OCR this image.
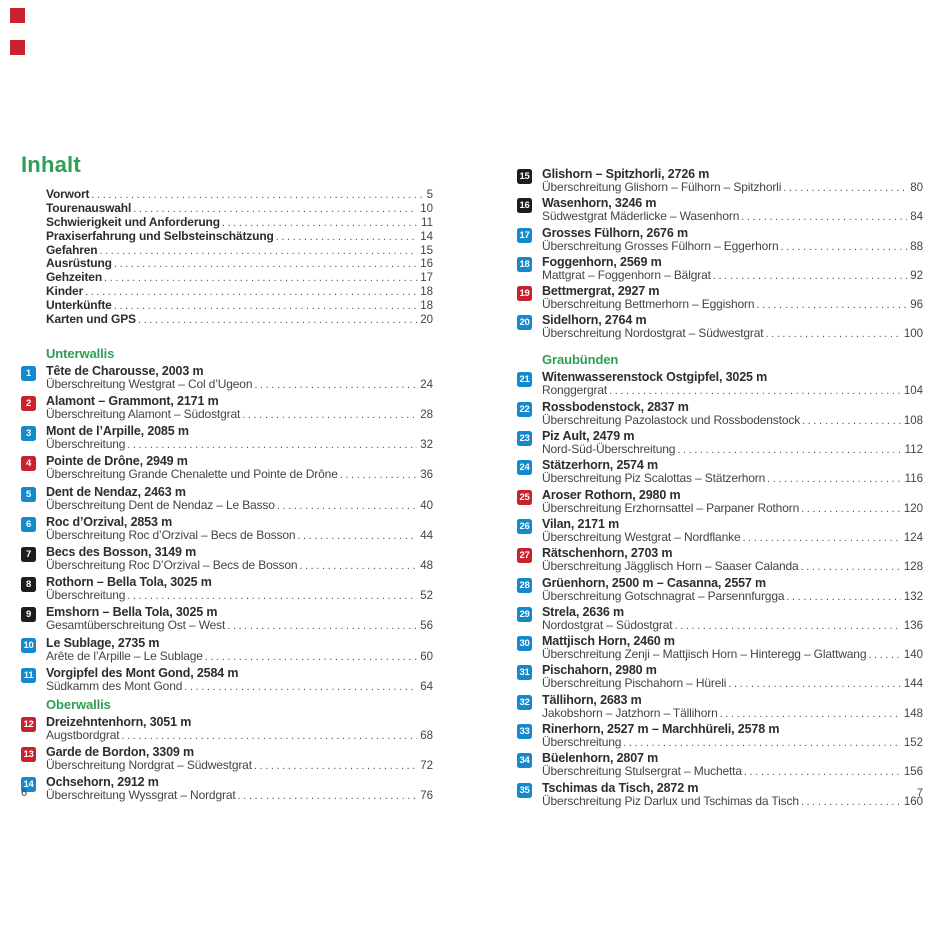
Inhalt
Vorwort .....	5
Tourenauswahl .....	10
Schwierigkeit und Anforderung .....	11
Praxiserfahrung und Selbsteinschätzung .....	14
Gefahren .....	15
Ausrüstung .....	16
Gehzeiten .....	17
Kinder .....	18
Unterkünfte .....	18
Karten und GPS .....	20
Unterwallis
1	Tête de Charousse, 2003 m
Überschreitung Westgrat – Col d’Ugeon .....	24
2	Alamont – Grammont, 2171 m
Überschreitung Alamont – Südostgrat .....	28
3	Mont de l’Arpille, 2085 m
Überschreitung .....	32
4	Pointe de Drône, 2949 m
Überschreitung Grande Chenalette und Pointe de Drône .....	36
5	Dent de Nendaz, 2463 m
Überschreitung Dent de Nendaz – Le Basso .....	40
6	Roc d’Orzival, 2853 m
Überschreitung Roc d’Orzival – Becs de Bosson .....	44
7	Becs des Bosson, 3149 m
Überschreitung Roc D’Orzival – Becs de Bosson .....	48
8	Rothorn – Bella Tola, 3025 m
Überschreitung .....	52
9	Emshorn – Bella Tola, 3025 m
Gesamtüberschreitung Ost – West .....	56
10 Le Sublage, 2735 m
Arête de l’Arpille – Le Sublage .....	60
11 Vorgipfel des Mont Gond, 2584 m
Südkamm des Mont Gond .....	64
Oberwallis
12 Dreizehntenhorn, 3051 m
Augstbordgrat .....	68
13 Garde de Bordon, 3309 m
Überschreitung Nordgrat – Südwestgrat .....	72
14 Ochsehorn, 2912 m
Überschreitung Wyssgrat – Nordgrat .....	76
15 Glishorn – Spitzhorli, 2726 m
Überschreitung Glishorn – Fülhorn – Spitzhorli .....	80
16 Wasenhorn, 3246 m
Südwestgrat Mäderlicke – Wasenhorn .....	84
17 Grosses Fülhorn, 2676 m
Überschreitung Grosses Fülhorn – Eggerhorn .....	88
18 Foggenhorn, 2569 m
Mattgrat – Foggenhorn – Bälgrat .....	92
19 Bettmergrat, 2927 m
Überschreitung Bettmerhorn – Eggishorn .....	96
20 Sidelhorn, 2764 m
Überschreitung Nordostgrat – Südwestgrat .....	100
Graubünden
21 Witenwasserenstock Ostgipfel, 3025 m
Ronggergrat .....	104
22 Rossbodenstock, 2837 m
Überschreitung Pazolastock und Rossbodenstock .....	108
23 Piz Ault, 2479 m
Nord-Süd-Überschreitung .....	112
24 Stätzerhorn, 2574 m
Überschreitung Piz Scalottas – Stätzerhorn .....	116
25 Aroser Rothorn, 2980 m
Überschreitung Erzhornsattel – Parpaner Rothorn .....	120
26 Vilan, 2171 m
Überschreitung Westgrat – Nordflanke .....	124
27 Rätschenhorn, 2703 m
Überschreitung Jägglisch Horn – Saaser Calanda .....	128
28 Grüenhorn, 2500 m – Casanna, 2557 m
Überschreitung Gotschnagrat – Parsennfurgga .....	132
29 Strela, 2636 m
Nordostgrat – Südostgrat .....	136
30 Mattjisch Horn, 2460 m
Überschreitung Zenji – Mattjisch Horn – Hinteregg – Glattwang .....	140
31 Pischahorn, 2980 m
Überschreitung Pischahorn – Hüreli .....	144
32 Tällihorn, 2683 m
Jakobshorn – Jatzhorn – Tällihorn .....	148
33 Rinerhorn, 2527 m – Marchhüreli, 2578 m
Überschreitung .....	152
34 Büelenhorn, 2807 m
Überschreitung Stulsergrat – Muchetta .....	156
35 Tschimas da Tisch, 2872 m
Überschreitung Piz Darlux und Tschimas da Tisch .....	160
6	7
